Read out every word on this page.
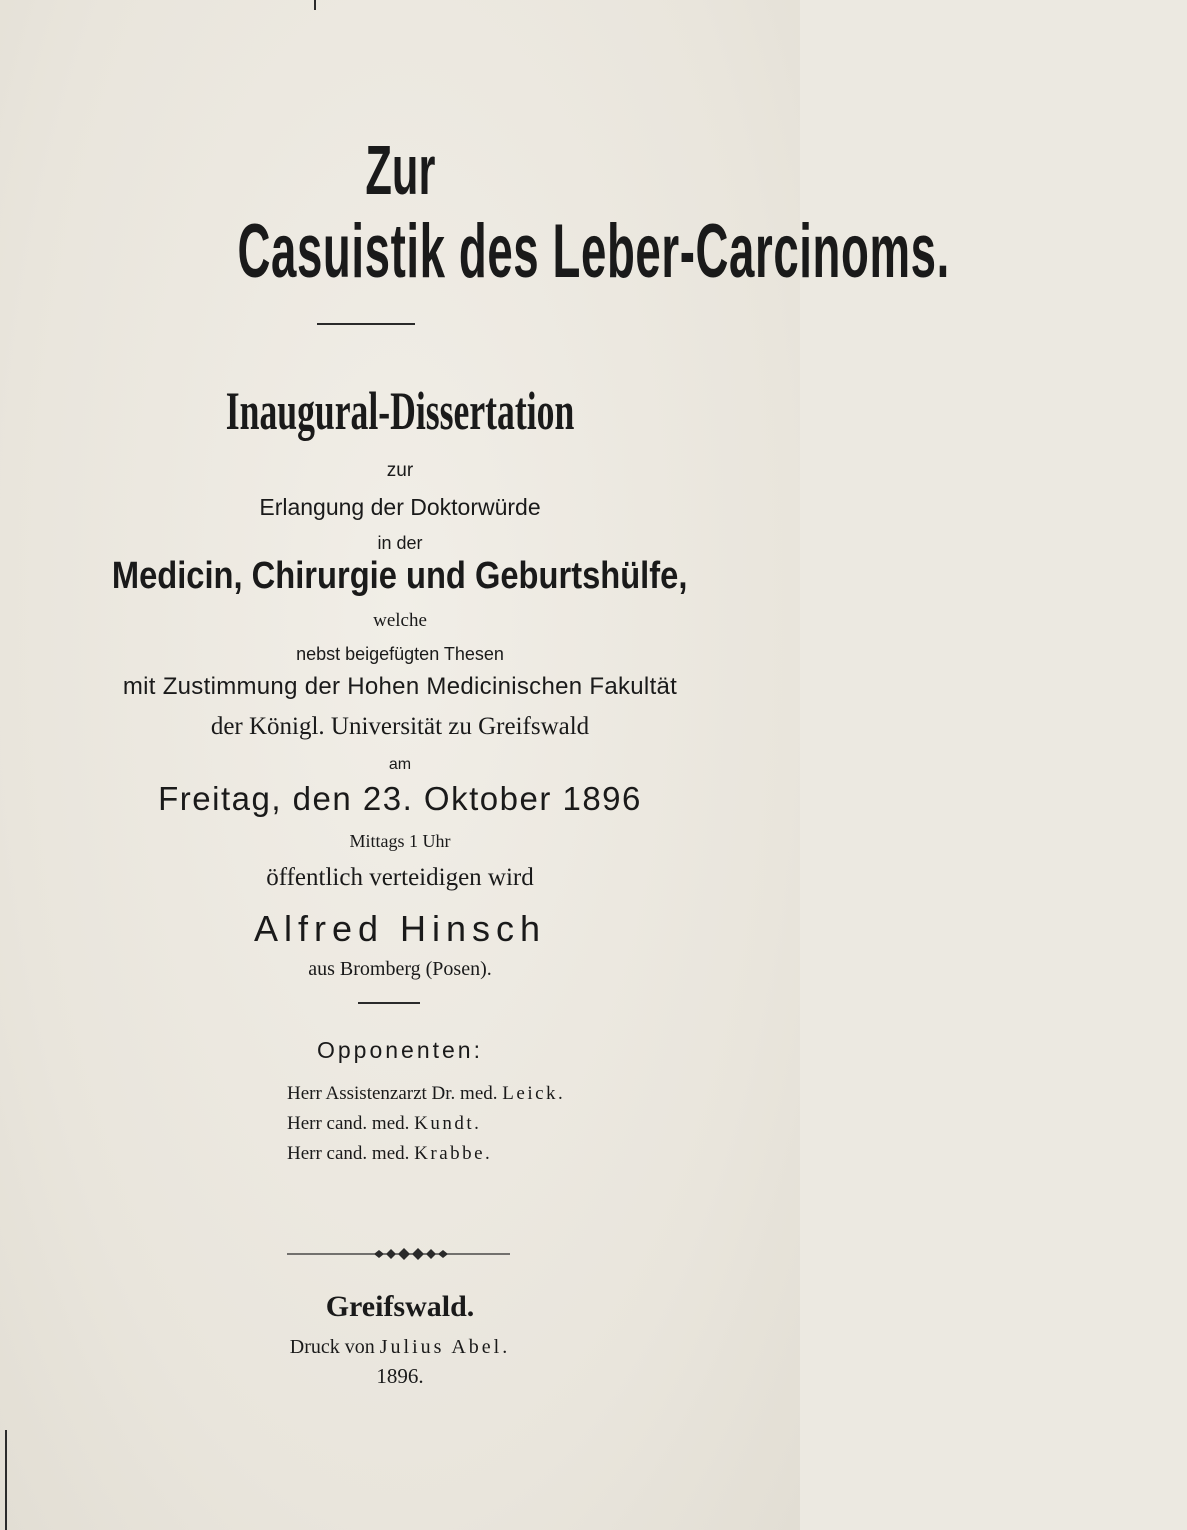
Zur
Casuistik des Leber-Carcinoms.
Inaugural-Dissertation
zur
Erlangung der Doktorwürde
in der
Medicin, Chirurgie und Geburtshülfe,
welche
nebst beigefügten Thesen
mit Zustimmung der Hohen Medicinischen Fakultät
der Königl. Universität zu Greifswald
am
Freitag, den 23. Oktober 1896
Mittags 1 Uhr
öffentlich verteidigen wird
Alfred Hinsch
aus Bromberg (Posen).
Opponenten:
Herr Assistenzarzt Dr. med. Leick.
Herr cand. med. Kundt.
Herr cand. med. Krabbe.
Greifswald.
Druck von Julius Abel.
1896.
